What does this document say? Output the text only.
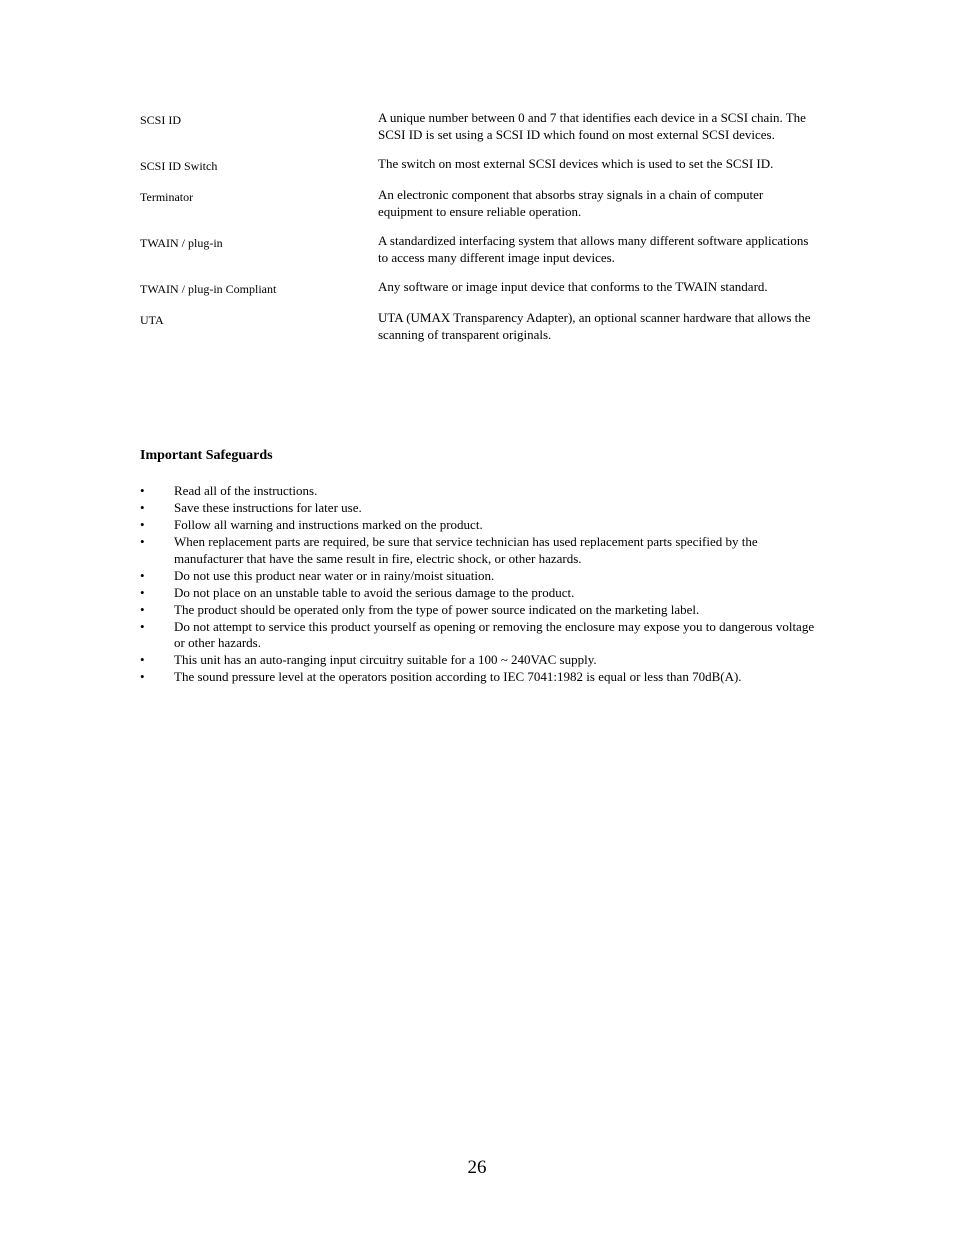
SCSI ID	A unique number between 0 and 7 that identifies each device in a SCSI chain. The SCSI ID is set using a SCSI ID which found on most external SCSI devices.
SCSI ID Switch	The switch on most external SCSI devices which is used to set the SCSI ID.
Terminator	An electronic component that absorbs stray signals in a chain of computer equipment to ensure reliable operation.
TWAIN / plug-in	A standardized interfacing system that allows many different software applications to access many different image input devices.
TWAIN / plug-in Compliant	Any software or image input device that conforms to the TWAIN standard.
UTA	UTA (UMAX Transparency Adapter), an optional scanner hardware that allows the scanning of transparent originals.
Important Safeguards
•	Read all of the instructions.
•	Save these instructions for later use.
•	Follow all warning and instructions marked on the product.
•	When replacement parts are required, be sure that service technician has used replacement parts specified by the manufacturer that have the same result in fire, electric shock, or other hazards.
•	Do not use this product near water or in rainy/moist situation.
•	Do not place on an unstable table to avoid the serious damage to the product.
•	The product should be operated only from the type of power source indicated on the marketing label.
•	Do not attempt to service this product yourself as opening or removing the enclosure may expose you to dangerous voltage or other hazards.
•	This unit has an auto-ranging input circuitry suitable for a 100 ~ 240VAC supply.
•	The sound pressure level at the operators position according to IEC 7041:1982 is equal or less than 70dB(A).
26
